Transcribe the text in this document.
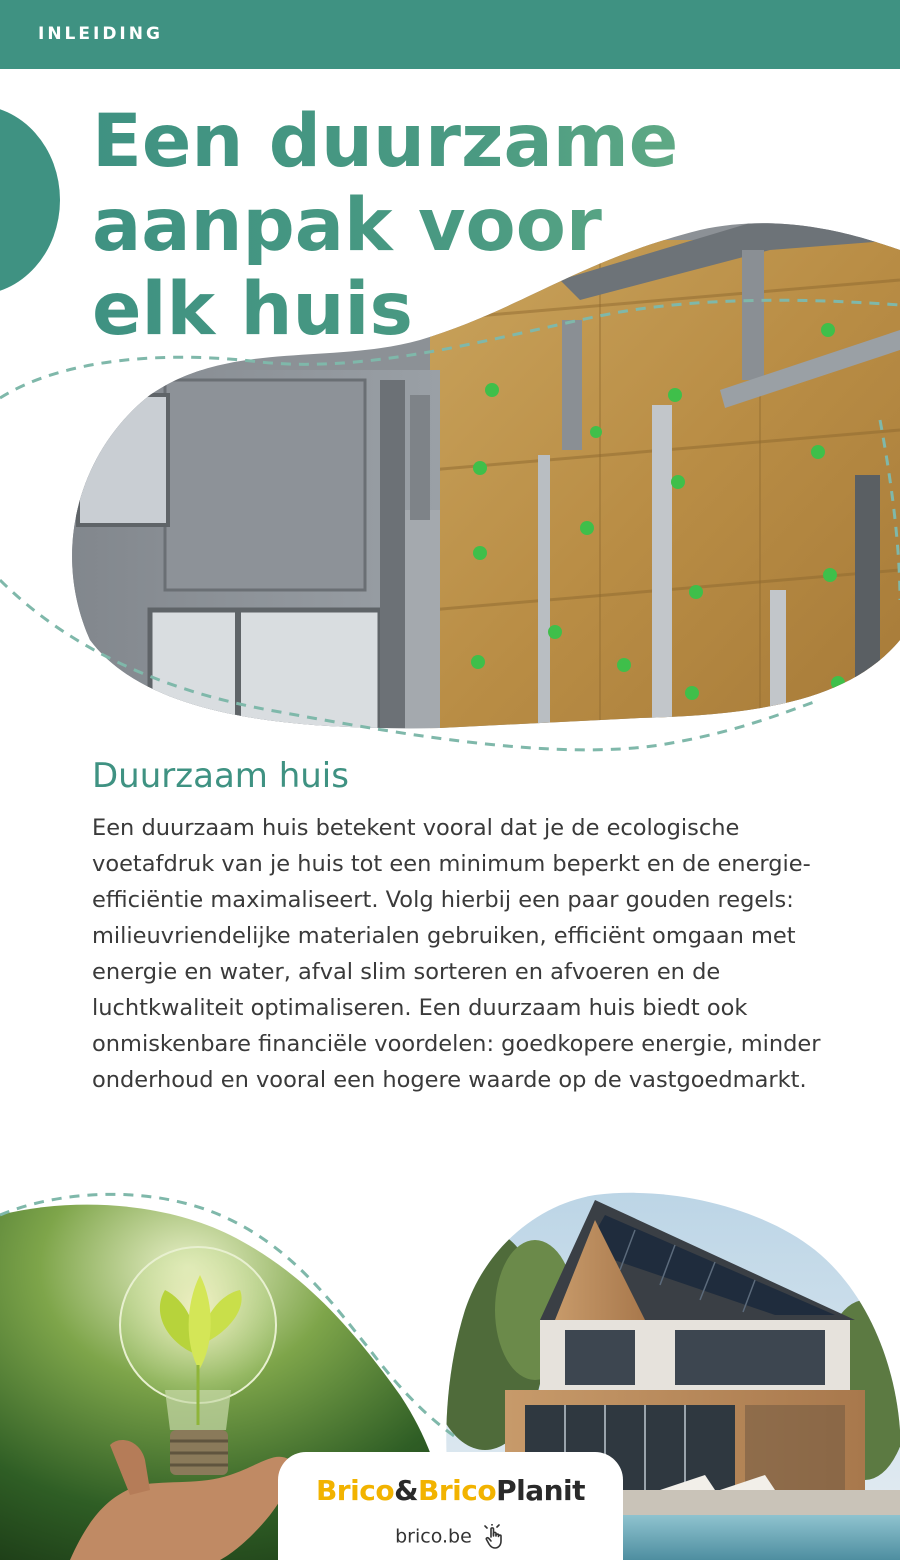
INLEIDING
Een duurzame
aanpak voor
elk huis
Duurzaam huis

Een duurzaam huis betekent vooral dat je de ecologische voetafdruk van je huis tot een minimum beperkt en de energie-efficiëntie maximaliseert. Volg hierbij een paar gouden regels: milieuvriendelijke materialen gebruiken, efficiënt omgaan met energie en water, afval slim sorteren en afvoeren en de luchtkwaliteit optimaliseren. Een duurzaam huis biedt ook onmiskenbare financiële voordelen: goedkopere energie, minder onderhoud en vooral een hogere waarde op de vastgoedmarkt.

Brico&BricoPlanit
brico.be
